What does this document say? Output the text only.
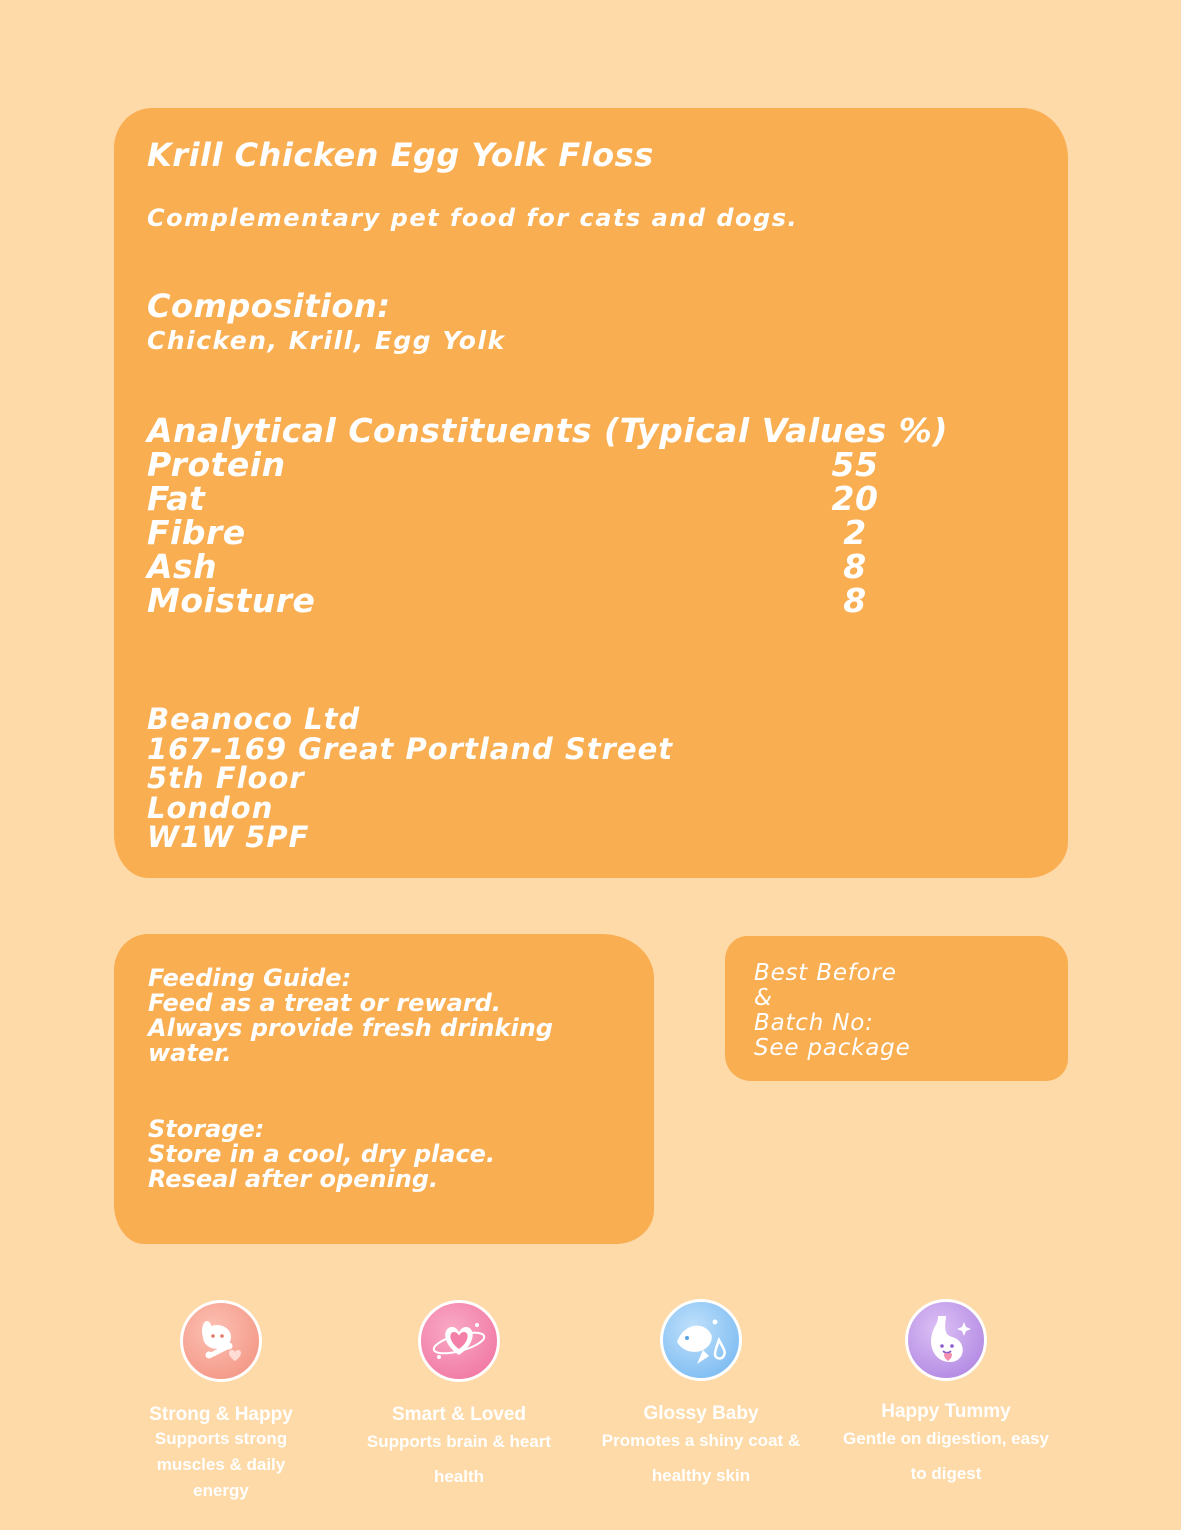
Krill Chicken Egg Yolk Floss
Complementary pet food for cats and dogs.
Composition:
Chicken, Krill, Egg Yolk
Analytical Constituents (Typical Values %)
Protein	55
Fat	20
Fibre	2
Ash	8
Moisture	8
Beanoco Ltd
167-169 Great Portland Street
5th Floor
London
W1W 5PF
Feeding Guide:
Feed as a treat or reward.
Always provide fresh drinking
water.
Storage:
Store in a cool, dry place.
Reseal after opening.
Best Before
&
Batch No:
See package
Strong & Happy
Supports strong
muscles & daily
energy
Smart & Loved
Supports brain & heart
health
Glossy Baby
Promotes a shiny coat &
healthy skin
Happy Tummy
Gentle on digestion, easy
to digest
